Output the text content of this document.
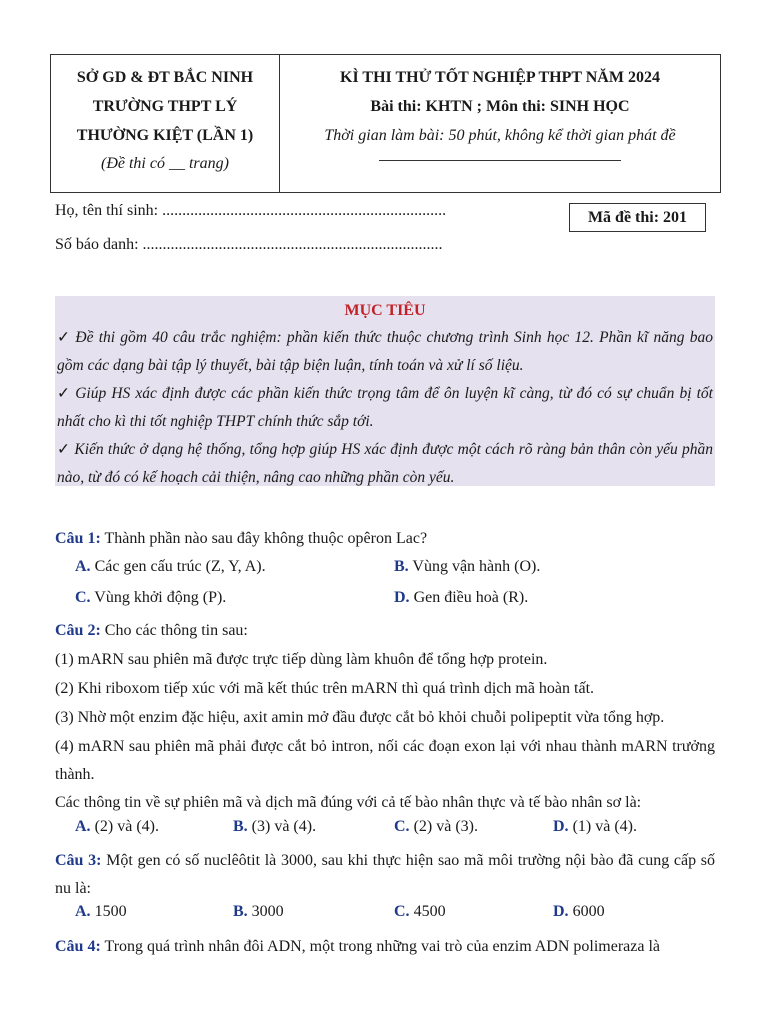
SỞ GD & ĐT BẮC NINH
TRƯỜNG THPT LÝ
THƯỜNG KIỆT (LẦN 1)
(Đề thi có __ trang)
KÌ THI THỬ TỐT NGHIỆP THPT NĂM 2024
Bài thi: KHTN ; Môn thi: SINH HỌC
Thời gian làm bài: 50 phút, không kể thời gian phát đề
Họ, tên thí sinh: .......................................................................
Số báo danh: ...........................................................................
Mã đề thi: 201
MỤC TIÊU
✓ Đề thi gồm 40 câu trắc nghiệm: phần kiến thức thuộc chương trình Sinh học 12. Phần kĩ năng bao gồm các dạng bài tập lý thuyết, bài tập biện luận, tính toán và xử lí số liệu.
✓ Giúp HS xác định được các phần kiến thức trọng tâm để ôn luyện kĩ càng, từ đó có sự chuẩn bị tốt nhất cho kì thi tốt nghiệp THPT chính thức sắp tới.
✓ Kiến thức ở dạng hệ thống, tổng hợp giúp HS xác định được một cách rõ ràng bản thân còn yếu phần nào, từ đó có kế hoạch cải thiện, nâng cao những phần còn yếu.
Câu 1: Thành phần nào sau đây không thuộc opêron Lac?
A. Các gen cấu trúc (Z, Y, A).	B. Vùng vận hành (O).
C. Vùng khởi động (P).	D. Gen điều hoà (R).
Câu 2: Cho các thông tin sau:
(1) mARN sau phiên mã được trực tiếp dùng làm khuôn để tổng hợp protein.
(2) Khi riboxom tiếp xúc với mã kết thúc trên mARN thì quá trình dịch mã hoàn tất.
(3) Nhờ một enzim đặc hiệu, axit amin mở đầu được cắt bỏ khỏi chuỗi polipeptit vừa tổng hợp.
(4) mARN sau phiên mã phải được cắt bỏ intron, nối các đoạn exon lại với nhau thành mARN trưởng thành.
Các thông tin về sự phiên mã và dịch mã đúng với cả tế bào nhân thực và tế bào nhân sơ là:
A. (2) và (4).	B. (3) và (4).	C. (2) và (3).	D. (1) và (4).
Câu 3: Một gen có số nuclêôtit là 3000, sau khi thực hiện sao mã môi trường nội bào đã cung cấp số nu là:
A. 1500	B. 3000	C. 4500	D. 6000
Câu 4: Trong quá trình nhân đôi ADN, một trong những vai trò của enzim ADN polimeraza là
